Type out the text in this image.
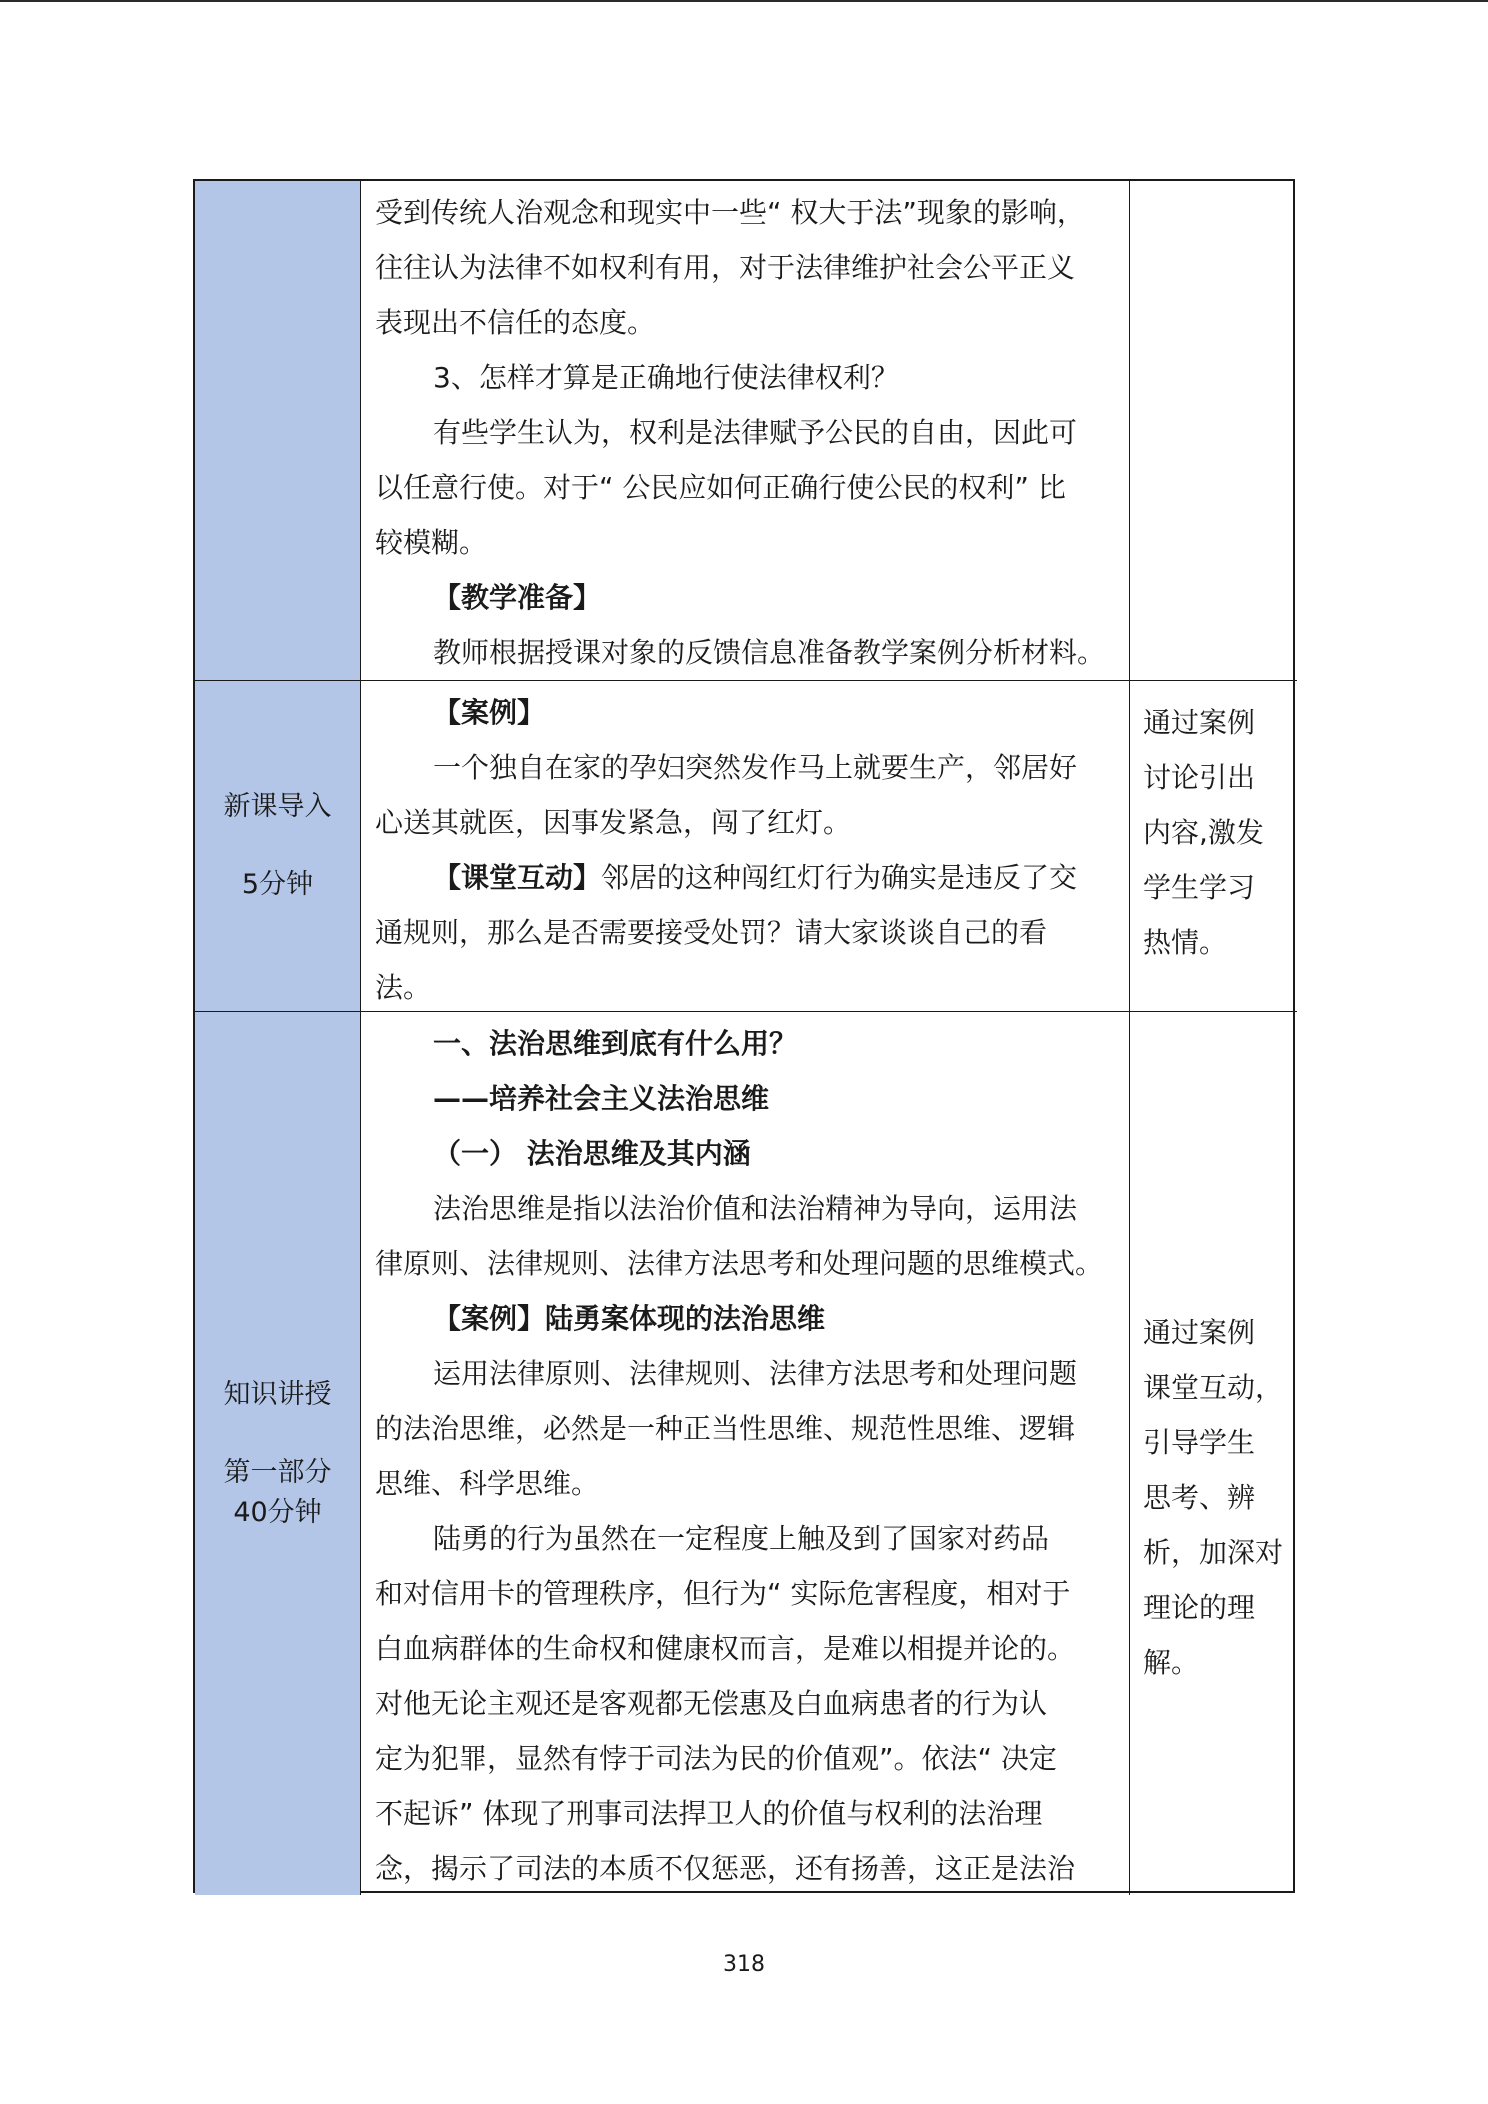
受到传统人治观念和现实中一些“ 权大于法”现象的影响，

往往认为法律不如权利有用，对于法律维护社会公平正义

表现出不信任的态度。

3、怎样才算是正确地行使法律权利？

有些学生认为，权利是法律赋予公民的自由，因此可

以任意行使。对于“ 公民应如何正确行使公民的权利” 比

较模糊。

【教学准备】

教师根据授课对象的反馈信息准备教学案例分析材料。

新课导入
5分钟

【案例】

一个独自在家的孕妇突然发作马上就要生产，邻居好

心送其就医，因事发紧急，闯了红灯。

【课堂互动】邻居的这种闯红灯行为确实是违反了交

通规则，那么是否需要接受处罚？请大家谈谈自己的看

法。

通过案例

讨论引出

内容,激发

学生学习

热情。

知识讲授
第一部分
40分钟

一、法治思维到底有什么用？

——培养社会主义法治思维

（一） 法治思维及其内涵

法治思维是指以法治价值和法治精神为导向，运用法

律原则、法律规则、法律方法思考和处理问题的思维模式。

【案例】陆勇案体现的法治思维

运用法律原则、法律规则、法律方法思考和处理问题

的法治思维，必然是一种正当性思维、规范性思维、逻辑

思维、科学思维。

陆勇的行为虽然在一定程度上触及到了国家对药品

和对信用卡的管理秩序，但行为“ 实际危害程度，相对于

白血病群体的生命权和健康权而言，是难以相提并论的。

对他无论主观还是客观都无偿惠及白血病患者的行为认

定为犯罪，显然有悖于司法为民的价值观”。依法“ 决定

不起诉” 体现了刑事司法捍卫人的价值与权利的法治理

念，揭示了司法的本质不仅惩恶，还有扬善，这正是法治

通过案例

课堂互动，

引导学生

思考、辨

析，加深对

理论的理

解。

318
